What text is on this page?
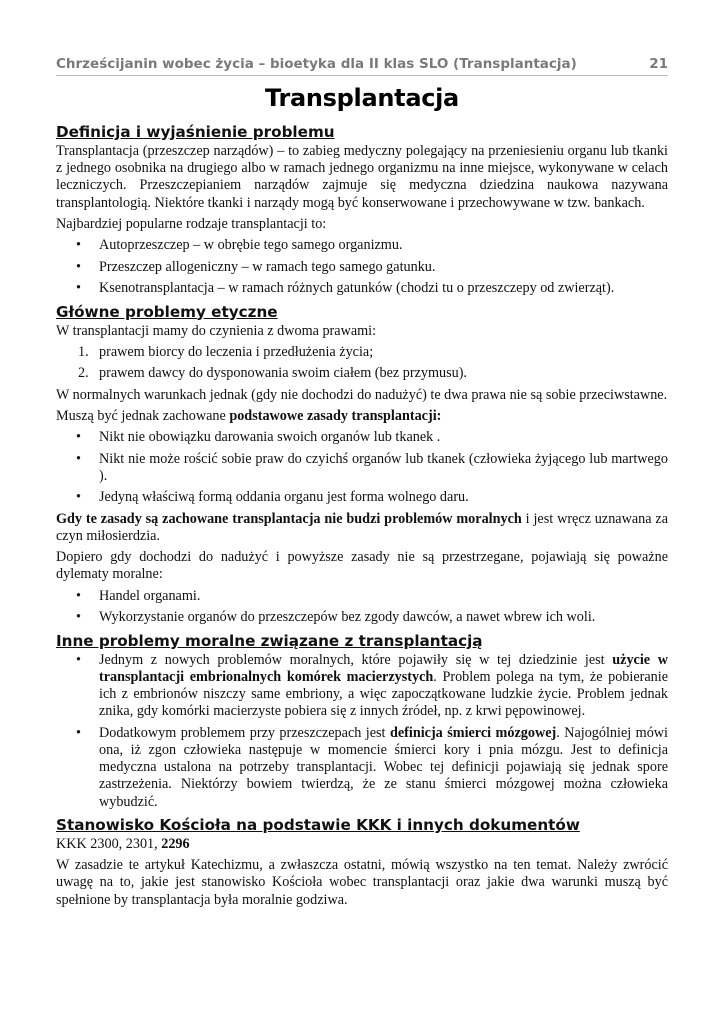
Chrześcijanin wobec życia – bioetyka dla II klas SLO (Transplantacja)	21
Transplantacja
Definicja i wyjaśnienie problemu

Transplantacja (przeszczep narządów) – to zabieg medyczny polegający na przeniesieniu organu lub tkanki z jednego osobnika na drugiego albo w ramach jednego organizmu na inne miejsce, wykonywane w celach leczniczych. Przeszczepianiem narządów zajmuje się medyczna dziedzina naukowa nazywana transplantologią. Niektóre tkanki i narządy mogą być konserwowane i przechowywane w tzw. bankach.

Najbardziej popularne rodzaje transplantacji to:

• Autoprzeszczep – w obrębie tego samego organizmu.
• Przeszczep allogeniczny – w ramach tego samego gatunku.
• Ksenotransplantacja – w ramach różnych gatunków (chodzi tu o przeszczepy od zwierząt).
Główne problemy etyczne

W transplantacji mamy do czynienia z dwoma prawami:

1. prawem biorcy do leczenia i przedłużenia życia;
2. prawem dawcy do dysponowania swoim ciałem (bez przymusu).

W normalnych warunkach jednak (gdy nie dochodzi do nadużyć) te dwa prawa nie są sobie przeciwstawne.

Muszą być jednak zachowane podstawowe zasady transplantacji:

• Nikt nie obowiązku darowania swoich organów lub tkanek .
• Nikt nie może rościć sobie praw do czyichś organów lub tkanek (człowieka żyjącego lub martwego ).
• Jedyną właściwą formą oddania organu jest forma wolnego daru.

Gdy te zasady są zachowane transplantacja nie budzi problemów moralnych i jest wręcz uznawana za czyn miłosierdzia.

Dopiero gdy dochodzi do nadużyć i powyższe zasady nie są przestrzegane, pojawiają się poważne dylematy moralne:

• Handel organami.
• Wykorzystanie organów do przeszczepów bez zgody dawców, a nawet wbrew ich woli.
Inne problemy moralne związane z transplantacją
• Jednym z nowych problemów moralnych, które pojawiły się w tej dziedzinie jest użycie w transplantacji embrionalnych komórek macierzystych. Problem polega na tym, że pobieranie ich z embrionów niszczy same embriony, a więc zapoczątkowane ludzkie życie. Problem jednak znika, gdy komórki macierzyste pobiera się z innych źródeł, np. z krwi pępowinowej.
• Dodatkowym problemem przy przeszczepach jest definicja śmierci mózgowej. Najogólniej mówi ona, iż zgon człowieka następuje w momencie śmierci kory i pnia mózgu. Jest to definicja medyczna ustalona na potrzeby transplantacji. Wobec tej definicji pojawiają się jednak spore zastrzeżenia. Niektórzy bowiem twierdzą, że ze stanu śmierci mózgowej można człowieka wybudzić.
Stanowisko Kościoła na podstawie KKK i innych dokumentów

KKK 2300, 2301, 2296

W zasadzie te artykuł Katechizmu, a zwłaszcza ostatni, mówią wszystko na ten temat. Należy zwrócić uwagę na to, jakie jest stanowisko Kościoła wobec transplantacji oraz jakie dwa warunki muszą być spełnione by transplantacja była moralnie godziwa.
